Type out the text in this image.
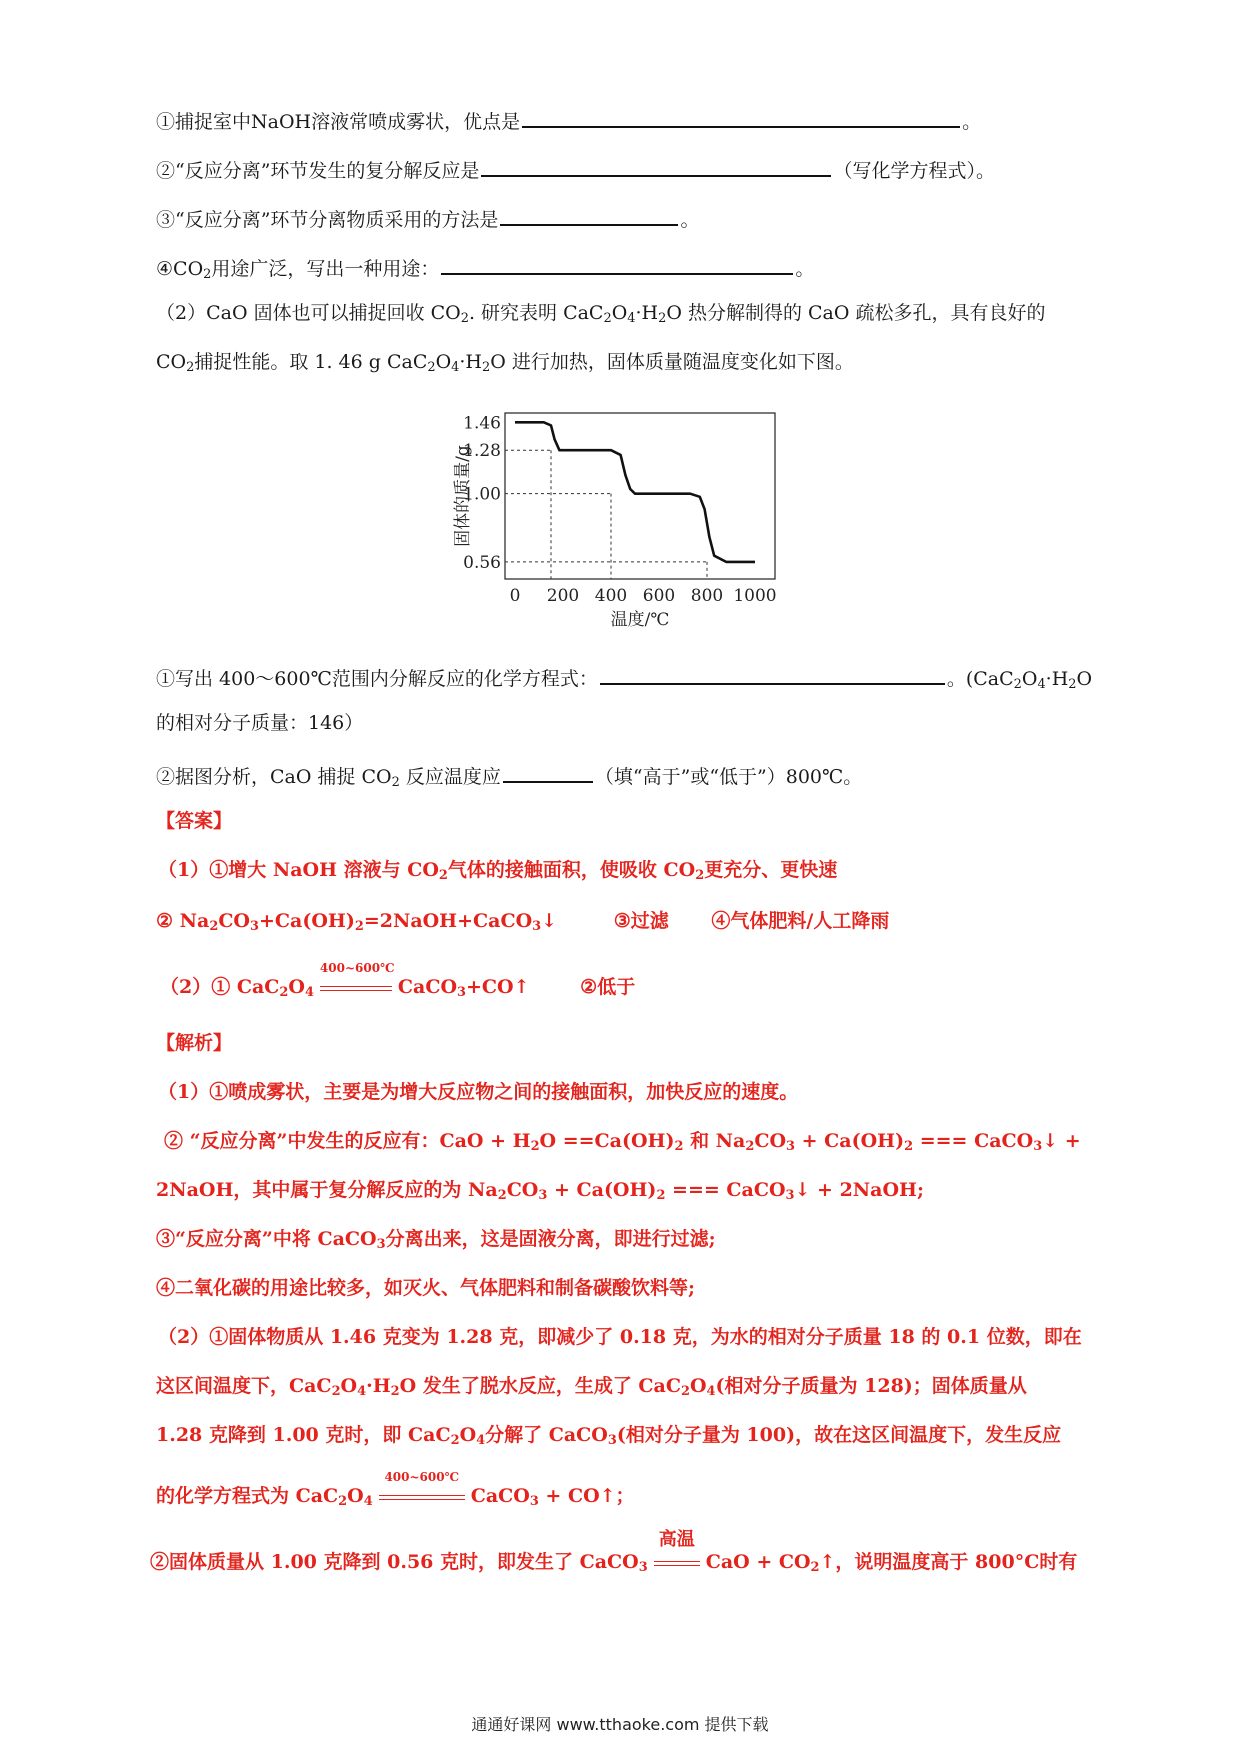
①捕捉室中NaOH溶液常喷成雾状，优点是	。
②“反应分离”环节发生的复分解反应是	（写化学方程式）。
③“反应分离”环节分离物质采用的方法是	。
$④CO_2$用途广泛，写出一种用途：	。
（2）CaO 固体也可以捕捉回收 $CO_2$. 研究表明 $CaC_2O_4\cdot H_2O$ 热分解制得的 CaO 疏松多孔，具有良好的
$CO_2$捕捉性能。取 1. 46 g $CaC_2O_4\cdot H_2O$ 进行加热，固体质量随温度变化如下图。
1.46
1.28
1.00
0.56
0 200 400 600 800 1000
温度/℃
固体的质量/g
①写出 400～600℃范围内分解反应的化学方程式：	。($CaC_2O_4\cdot H_2O$
的相对分子质量：146）
②据图分析，CaO 捕捉 $CO_2$ 反应温度应	（填“高于”或“低于”）800℃。
【答案】
（1）①增大 NaOH 溶液与 $CO_2$气体的接触面积，使吸收 $CO_2$更充分、更快速
② $Na_2CO_3+Ca(OH)_2=2NaOH+CaCO_3↓$	③过滤 ④气体肥料/人工降雨
（2）① $CaC_2O_4$
400~600℃
CaCO$_3$+CO↑	②低于
【解析】
（1）①喷成雾状，主要是为增大反应物之间的接触面积，加快反应的速度。
② “反应分离”中发生的反应有：CaO + $H_2O ==Ca(OH)_2$ 和 $Na_2CO_3 + Ca(OH)_2$ === CaCO$_3$↓ +
2NaOH，其中属于复分解反应的为 $Na_2CO_3 + Ca(OH)_2$ === CaCO$_3$↓ + 2NaOH;
③“反应分离”中将 CaCO$_3$分离出来，这是固液分离，即进行过滤;
④二氧化碳的用途比较多，如灭火、气体肥料和制备碳酸饮料等;
（2）①固体物质从 1.46 克变为 1.28 克，即减少了 0.18 克，为水的相对分子质量 18 的 0.1 位数，即在
这区间温度下，$CaC_2O_4\cdot H_2O$ 发生了脱水反应，生成了 $CaC_2O_4$(相对分子质量为 128)；固体质量从
1.28 克降到 1.00 克时，即 $CaC_2O_4$分解了 CaCO$_3$(相对分子量为 100)，故在这区间温度下，发生反应
的化学方程式为 $CaC_2O_4$
400~600℃
CaCO$_3$ + CO↑；
②固体质量从 1.00 克降到 0.56 克时，即发生了 CaCO$_3$
高温
CaO + $CO_2↑$，说明温度高于 800°C时有
通通好课网 www.tthaoke.com 提供下载
